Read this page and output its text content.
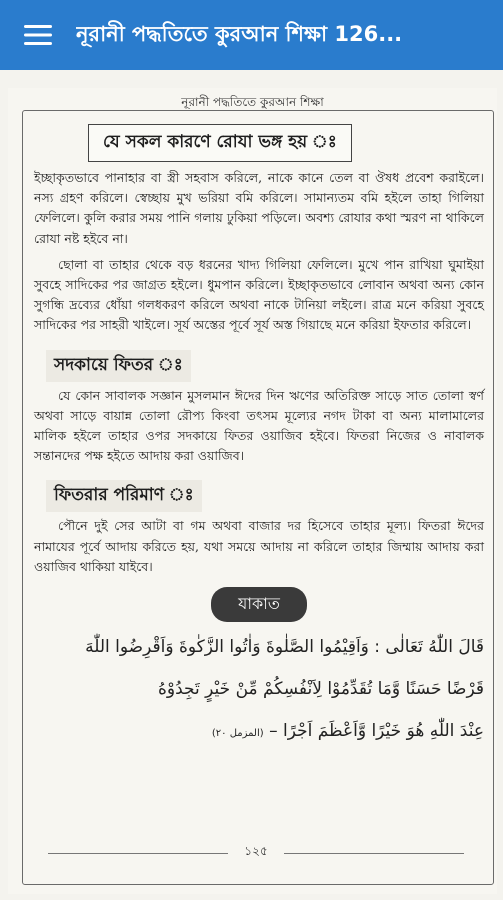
নূরানী পদ্ধতিতে কুরআন শিক্ষা 126...
নূরানী পদ্ধতিতে কুরআন শিক্ষা
যে সকল কারণে রোযা ভঙ্গ হয় ঃ

ইচ্ছাকৃতভাবে পানাহার বা স্ত্রী সহবাস করিলে, নাকে কানে তেল বা ঔষধ প্রবেশ করাইলে। নস্য গ্রহণ করিলে। স্বেচ্ছায় মুখ ভরিয়া বমি করিলে। সামান্যতম বমি হইলে তাহা গিলিয়া ফেলিলে। কুলি করার সময় পানি গলায় ঢুকিয়া পড়িলে। অবশ্য রোযার কথা স্মরণ না থাকিলে রোযা নষ্ট হইবে না।

ছোলা বা তাহার থেকে বড় ধরনের খাদ্য গিলিয়া ফেলিলে। মুখে পান রাখিয়া ঘুমাইয়া সুবহে সাদিকের পর জাগ্রত হইলে। ধুমপান করিলে। ইচ্ছাকৃতভাবে লোবান অথবা অন্য কোন সুগন্ধি দ্রব্যের ধোঁয়া গলধকরণ করিলে অথবা নাকে টানিয়া লইলে। রাত্র মনে করিয়া সুবহে সাদিকের পর সাহরী খাইলে। সূর্য অস্তের পূর্বে সূর্য অস্ত গিয়াছে মনে করিয়া ইফতার করিলে।

সদকায়ে ফিতর ঃ

যে কোন সাবালক সজ্ঞান মুসলমান ঈদের দিন ঋণের অতিরিক্ত সাড়ে সাত তোলা স্বর্ণ অথবা সাড়ে বায়ান্ন তোলা রৌপ্য কিংবা তৎসম মূল্যের নগদ টাকা বা অন্য মালামালের মালিক হইলে তাহার ওপর সদকায়ে ফিতর ওয়াজিব হইবে। ফিতরা নিজের ও নাবালক সন্তানদের পক্ষ হইতে আদায় করা ওয়াজিব।

ফিতরার পরিমাণ ঃ

পৌনে দুই সের আটা বা গম অথবা বাজার দর হিসেবে তাহার মূল্য। ফিতরা ঈদের নামাযের পূর্বে আদায় করিতে হয়, যথা সময়ে আদায় না করিলে তাহার জিম্মায় আদায় করা ওয়াজিব থাকিয়া যাইবে।

যাকাত
قَالَ اللّٰهُ تَعَالٰى : وَاَقِيْمُوا الصَّلٰوةَ وَاٰتُوا الزَّكٰوةَ وَاَقْرِضُوا اللّٰهَ
قَرْضًا حَسَنًا وَّمَا تُقَدِّمُوْا لِاَنْفُسِكُمْ مِّنْ خَيْرٍ تَجِدُوْهُ
عِنْدَ اللّٰهِ هُوَ خَيْرًا وَّاَعْظَمَ اَجْرًا – (المزمل ٢٠)
১২৫
